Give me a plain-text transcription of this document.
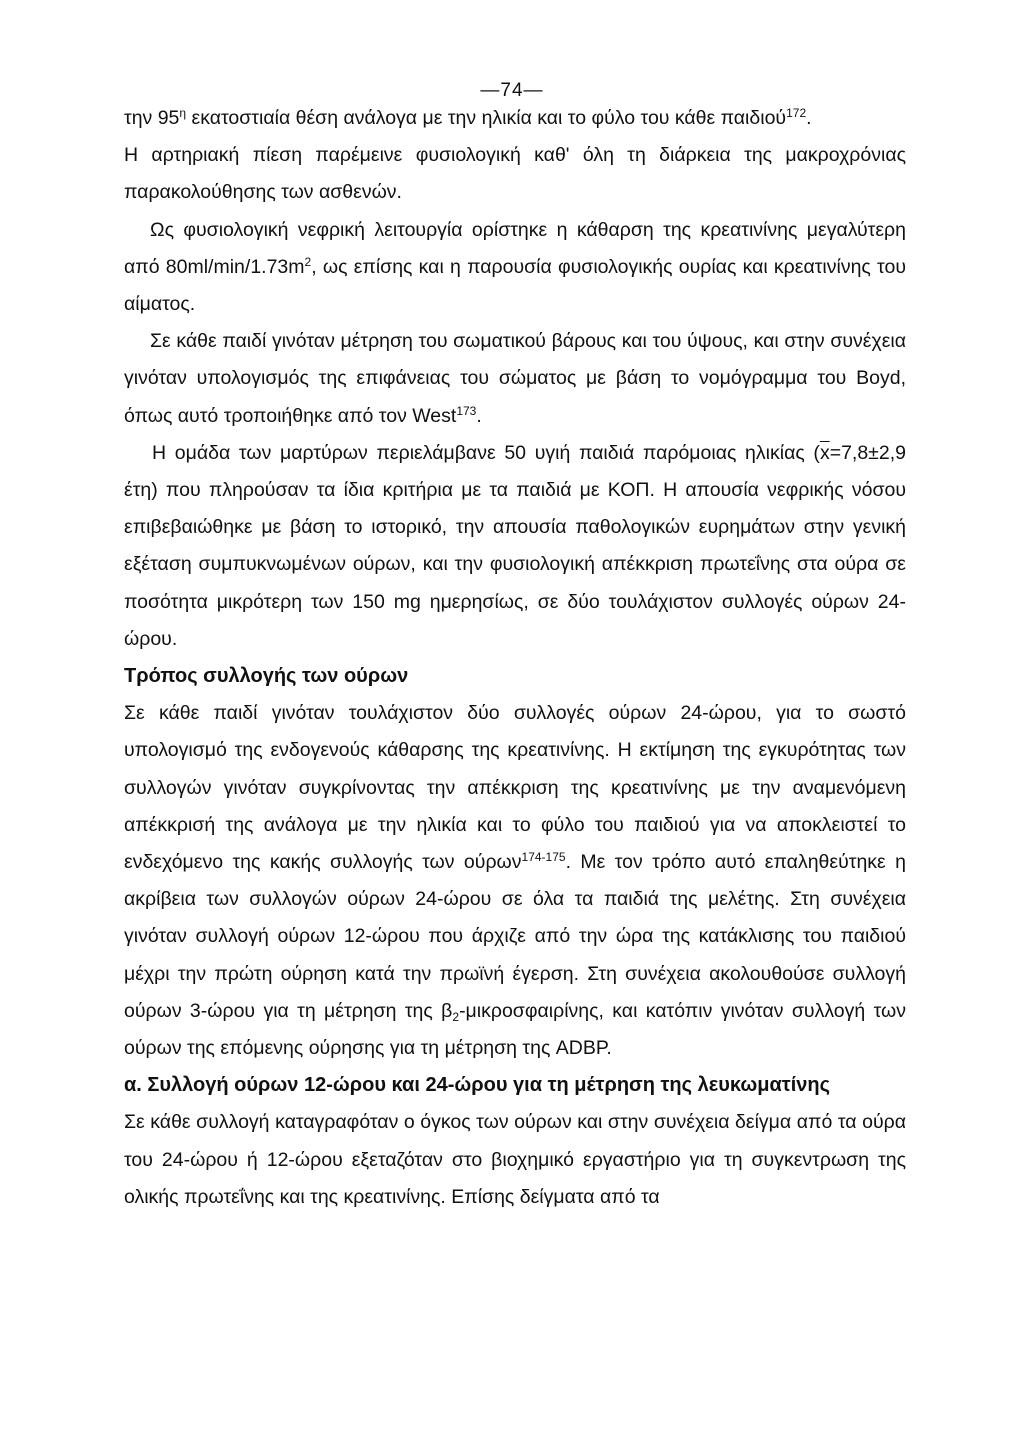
—74—

την $95^\eta$ εκατοστιαία θέση ανάλογα με την ηλικία και το φύλο του κάθε παιδιού$^{172}$.

Η αρτηριακή πίεση παρέμεινε φυσιολογική καθ' όλη τη διάρκεια της μακροχρόνιας παρακολούθησης των ασθενών.

Ως φυσιολογική νεφρική λειτουργία ορίστηκε η κάθαρση της κρεατινίνης μεγαλύτερη από $80ml/\min/1.73m^2$, ως επίσης και η παρουσία φυσιολογικής ουρίας και κρεατινίνης του αίματος.

Σε κάθε παιδί γινόταν μέτρηση του σωματικού βάρους και του ύψους, και στην συνέχεια γινόταν υπολογισμός της επιφάνειας του σώματος με βάση το νομόγραμμα του Boyd, όπως αυτό τροποιήθηκε από τον West$^{173}$.

Η ομάδα των μαρτύρων περιελάμβανε 50 υγιή παιδιά παρόμοιας ηλικίας ($\overline{x}=7,8\pm 2,9$ έτη) που πληρούσαν τα ίδια κριτήρια με τα παιδιά με ΚΟΠ. Η απουσία νεφρικής νόσου επιβεβαιώθηκε με βάση το ιστορικό, την απουσία παθολογικών ευρημάτων στην γενική εξέταση συμπυκνωμένων ούρων, και την φυσιολογική απέκκριση πρωτεΐνης στα ούρα σε ποσότητα μικρότερη των 150 mg ημερησίως, σε δύο τουλάχιστον συλλογές ούρων 24-ώρου.

Τρόπος συλλογής των ούρων

Σε κάθε παιδί γινόταν τουλάχιστον δύο συλλογές ούρων 24-ώρου, για το σωστό υπολογισμό της ενδογενούς κάθαρσης της κρεατινίνης. Η εκτίμηση της εγκυρότητας των συλλογών γινόταν συγκρίνοντας την απέκκριση της κρεατινίνης με την αναμενόμενη απέκκρισή της ανάλογα με την ηλικία και το φύλο του παιδιού για να αποκλειστεί το ενδεχόμενο της κακής συλλογής των ούρων$^{174-175}$. Με τον τρόπο αυτό επαληθεύτηκε η ακρίβεια των συλλογών ούρων 24-ώρου σε όλα τα παιδιά της μελέτης. Στη συνέχεια γινόταν συλλογή ούρων 12-ώρου που άρχιζε από την ώρα της κατάκλισης του παιδιού μέχρι την πρώτη ούρηση κατά την πρωϊνή έγερση. Στη συνέχεια ακολουθούσε συλλογή ούρων 3-ώρου για τη μέτρηση της $\beta_2$-μικροσφαιρίνης, και κατόπιν γινόταν συλλογή των ούρων της επόμενης ούρησης για τη μέτρηση της ADBP.

α. Συλλογή ούρων 12-ώρου και 24-ώρου για τη μέτρηση της λευκωματίνης

Σε κάθε συλλογή καταγραφόταν ο όγκος των ούρων και στην συνέχεια δείγμα από τα ούρα του 24-ώρου ή 12-ώρου εξεταζόταν στο βιοχημικό εργαστήριο για τη συγκεντρωση της ολικής πρωτεΐνης και της κρεατινίνης. Επίσης δείγματα από τα
